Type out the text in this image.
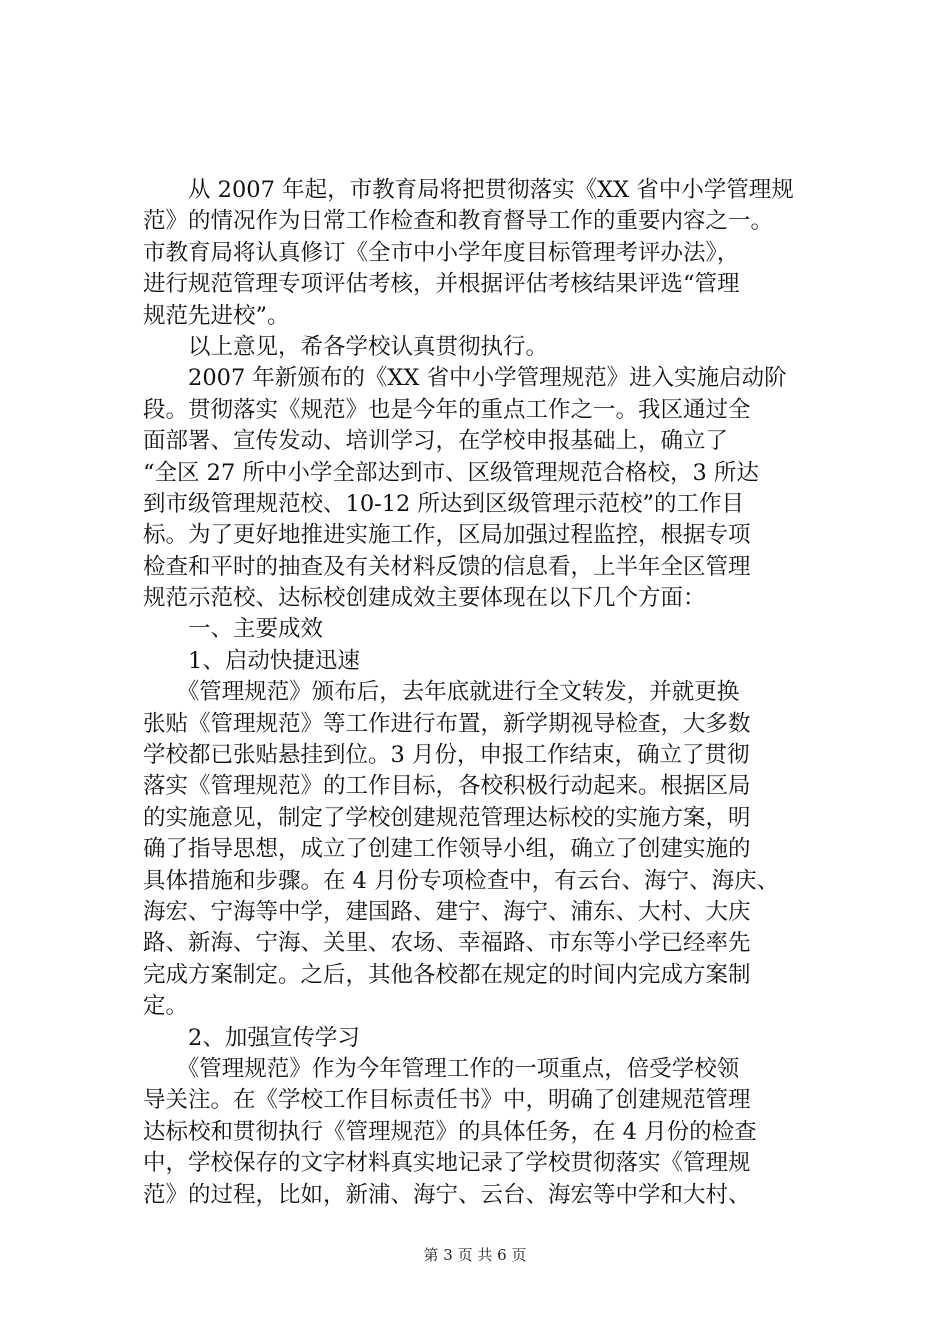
　　从 2007 年起，市教育局将把贯彻落实《XX 省中小学管理规
范》的情况作为日常工作检查和教育督导工作的重要内容之一。
市教育局将认真修订《全市中小学年度目标管理考评办法》，
进行规范管理专项评估考核，并根据评估考核结果评选“管理
规范先进校”。
　　以上意见，希各学校认真贯彻执行。
　　2007 年新颁布的《XX 省中小学管理规范》进入实施启动阶
段。贯彻落实《规范》也是今年的重点工作之一。我区通过全
面部署、宣传发动、培训学习，在学校申报基础上，确立了
“全区 27 所中小学全部达到市、区级管理规范合格校，3 所达
到市级管理规范校、10-12 所达到区级管理示范校”的工作目
标。为了更好地推进实施工作，区局加强过程监控，根据专项
检查和平时的抽查及有关材料反馈的信息看，上半年全区管理
规范示范校、达标校创建成效主要体现在以下几个方面：
　　一、主要成效
　　1、启动快捷迅速
　　《管理规范》颁布后，去年底就进行全文转发，并就更换
张贴《管理规范》等工作进行布置，新学期视导检查，大多数
学校都已张贴悬挂到位。3 月份，申报工作结束，确立了贯彻
落实《管理规范》的工作目标，各校积极行动起来。根据区局
的实施意见，制定了学校创建规范管理达标校的实施方案，明
确了指导思想，成立了创建工作领导小组，确立了创建实施的
具体措施和步骤。在 4 月份专项检查中，有云台、海宁、海庆、
海宏、宁海等中学，建国路、建宁、海宁、浦东、大村、大庆
路、新海、宁海、关里、农场、幸福路、市东等小学已经率先
完成方案制定。之后，其他各校都在规定的时间内完成方案制
定。
　　2、加强宣传学习
　　《管理规范》作为今年管理工作的一项重点，倍受学校领
导关注。在《学校工作目标责任书》中，明确了创建规范管理
达标校和贯彻执行《管理规范》的具体任务，在 4 月份的检查
中，学校保存的文字材料真实地记录了学校贯彻落实《管理规
范》的过程，比如，新浦、海宁、云台、海宏等中学和大村、
第 3 页 共 6 页
